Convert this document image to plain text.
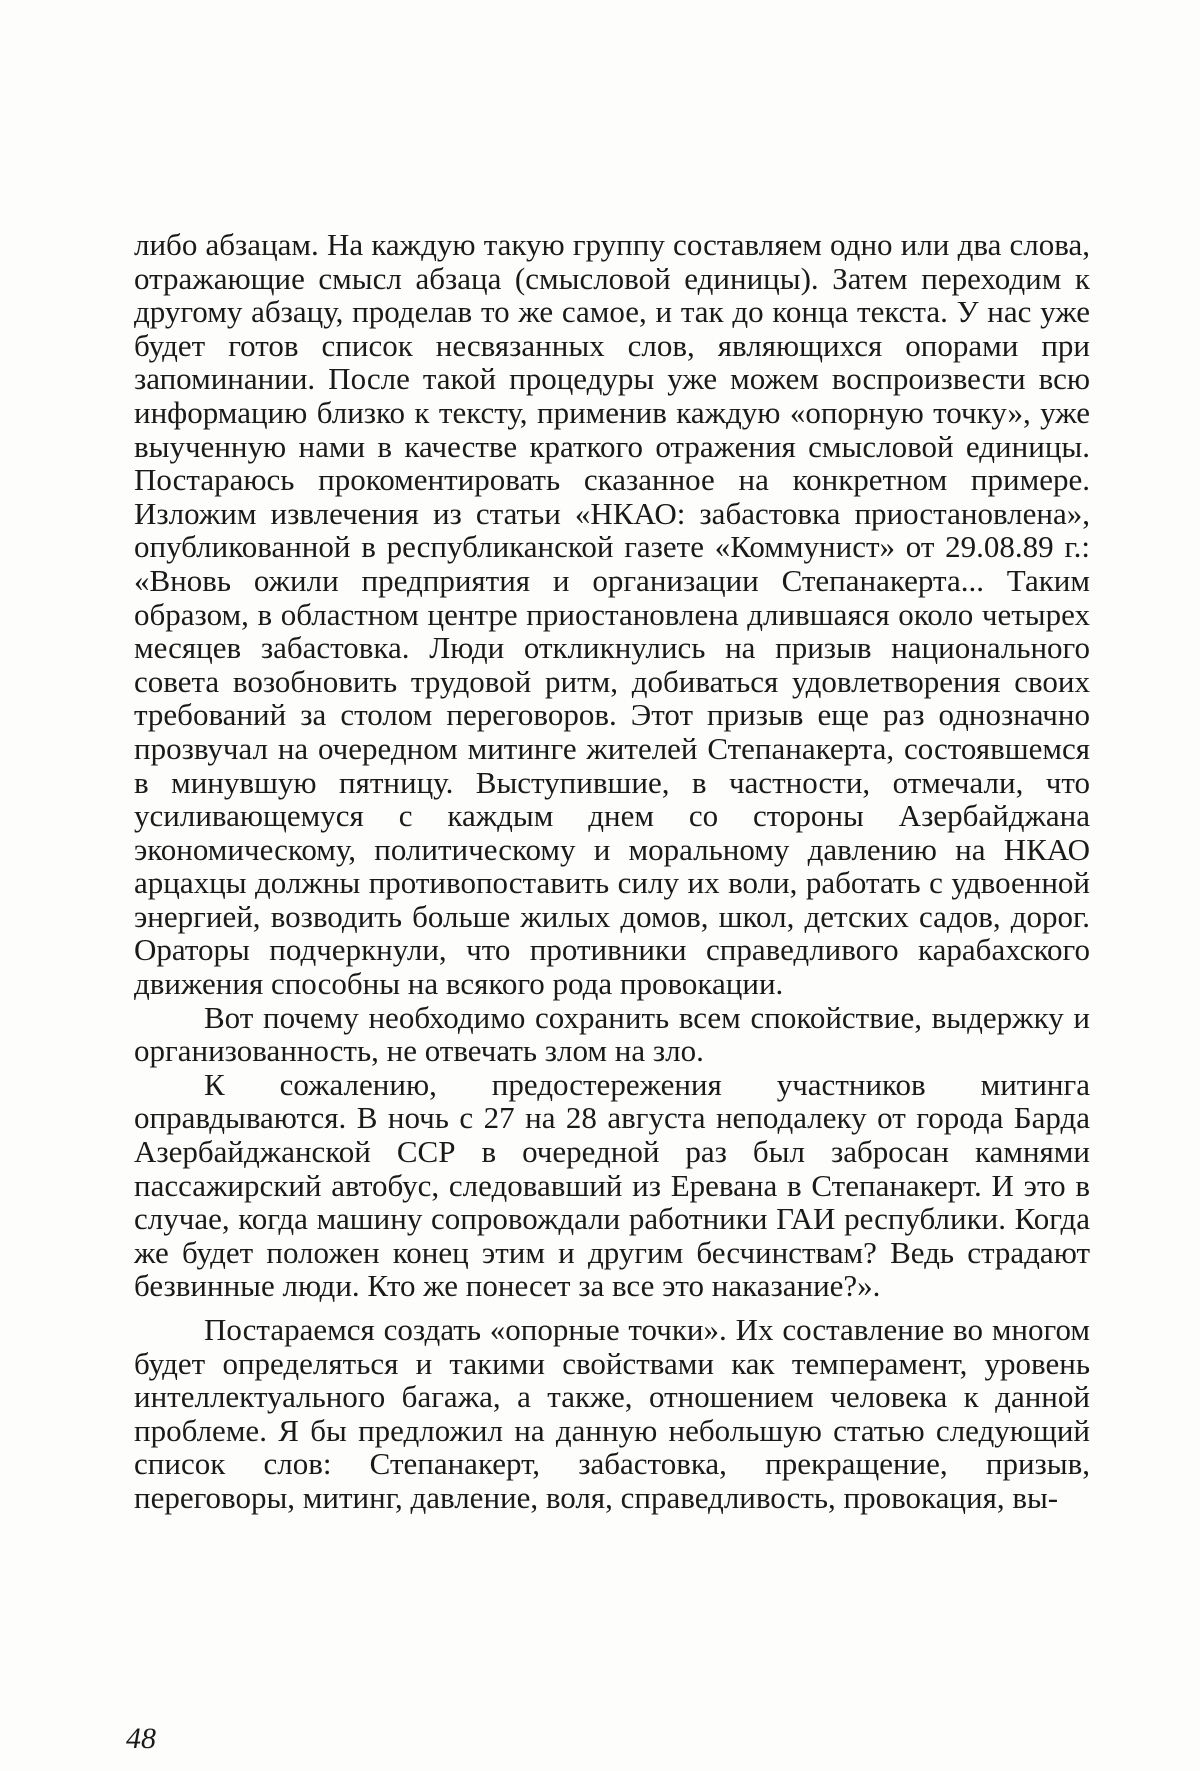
либо абзацам. На каждую такую группу составляем одно или два слова, отражающие смысл абзаца (смысловой единицы). Затем переходим к другому абзацу, проделав то же самое, и так до конца текста. У нас уже будет готов список несвязанных слов, являющихся опорами при запоминании. После такой процедуры уже можем воспроизвести всю информацию близко к тексту, применив каждую «опорную точку», уже выученную нами в качестве краткого отражения смысловой единицы. Постараюсь прокоментировать сказанное на конкретном примере. Изложим извлечения из статьи «НКАО: забастовка приостановлена», опубликованной в республиканской газете «Коммунист» от 29.08.89 г.: «Вновь ожили предприятия и организации Степанакерта... Таким образом, в областном центре приостановлена длившаяся около четырех месяцев забастовка. Люди откликнулись на призыв национального совета возобновить трудовой ритм, добиваться удовлетворения своих требований за столом переговоров. Этот призыв еще раз однозначно прозвучал на очередном митинге жителей Степанакерта, состоявшемся в минувшую пятницу. Выступившие, в частности, отмечали, что усиливающемуся с каждым днем со стороны Азербайджана экономическому, политическому и моральному давлению на НКАО арцахцы должны противопоставить силу их воли, работать с удвоенной энергией, возводить больше жилых домов, школ, детских садов, дорог. Ораторы подчеркнули, что противники справедливого карабахского движения способны на всякого рода провокации.

Вот почему необходимо сохранить всем спокойствие, выдержку и организованность, не отвечать злом на зло.

К сожалению, предостережения участников митинга оправдываются. В ночь с 27 на 28 августа неподалеку от города Барда Азербайджанской ССР в очередной раз был забросан камнями пассажирский автобус, следовавший из Еревана в Степанакерт. И это в случае, когда машину сопровождали работники ГАИ республики. Когда же будет положен конец этим и другим бесчинствам? Ведь страдают безвинные люди. Кто же понесет за все это наказание?».

Постараемся создать «опорные точки». Их составление во многом будет определяться и такими свойствами как темперамент, уровень интеллектуального багажа, а также, отношением человека к данной проблеме. Я бы предложил на данную небольшую статью следующий список слов: Степанакерт, забастовка, прекращение, призыв, переговоры, митинг, давление, воля, справедливость, провокация, вы-

48
